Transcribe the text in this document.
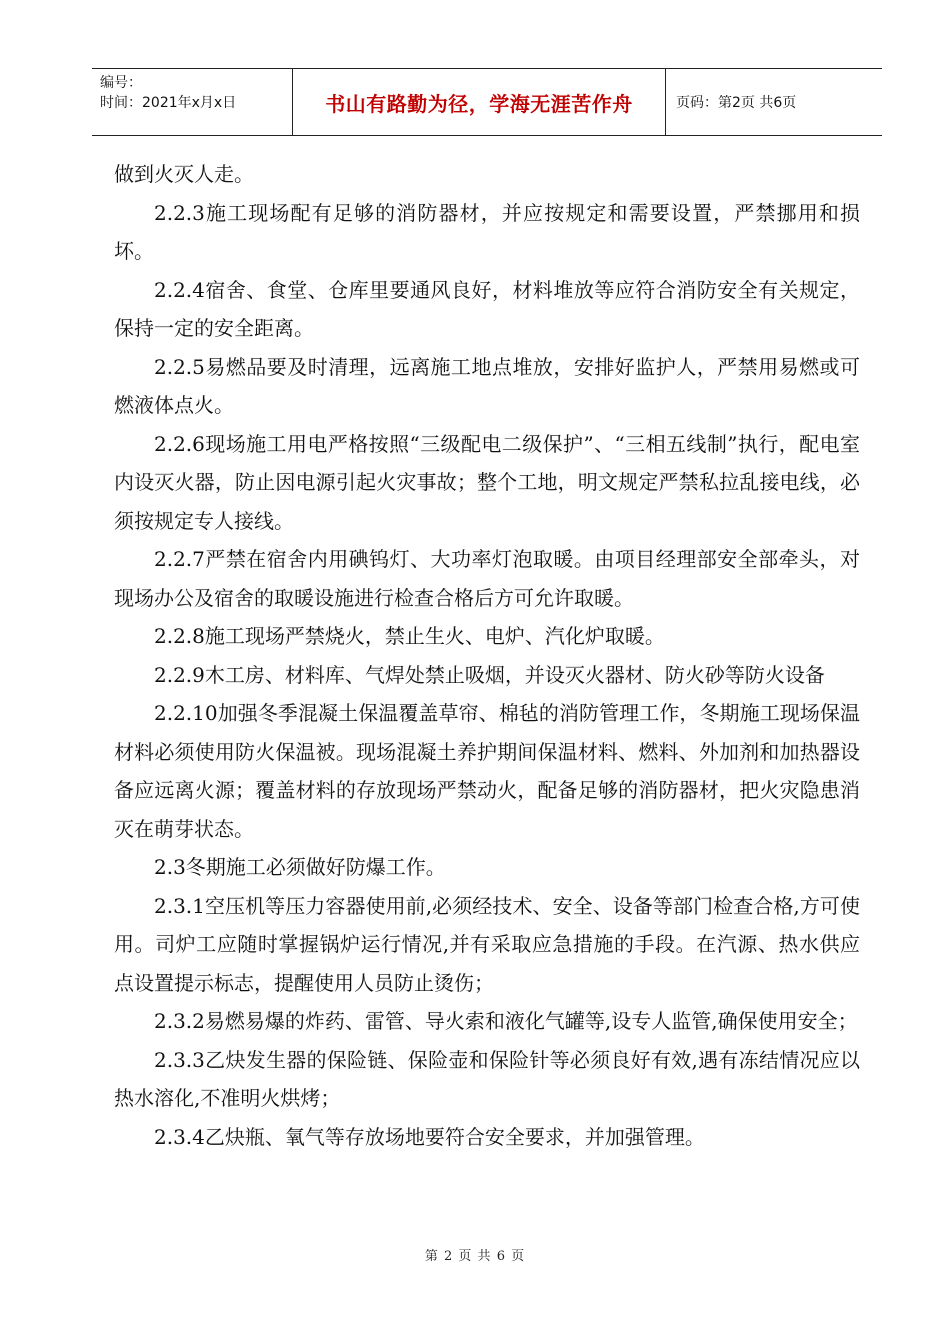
编号：
时间：2021年x月x日	书山有路勤为径，学海无涯苦作舟	页码：第2页 共6页

做到火灭人走。

2.2.3施工现场配有足够的消防器材，并应按规定和需要设置，严禁挪用和损坏。

2.2.4宿舍、食堂、仓库里要通风良好，材料堆放等应符合消防安全有关规定，保持一定的安全距离。

2.2.5易燃品要及时清理，远离施工地点堆放，安排好监护人，严禁用易燃或可燃液体点火。

2.2.6现场施工用电严格按照“三级配电二级保护”、“三相五线制”执行，配电室内设灭火器，防止因电源引起火灾事故；整个工地，明文规定严禁私拉乱接电线，必须按规定专人接线。

2.2.7严禁在宿舍内用碘钨灯、大功率灯泡取暖。由项目经理部安全部牵头，对现场办公及宿舍的取暖设施进行检查合格后方可允许取暖。

2.2.8施工现场严禁烧火，禁止生火、电炉、汽化炉取暖。

2.2.9木工房、材料库、气焊处禁止吸烟，并设灭火器材、防火砂等防火设备

2.2.10加强冬季混凝土保温覆盖草帘、棉毡的消防管理工作，冬期施工现场保温材料必须使用防火保温被。现场混凝土养护期间保温材料、燃料、外加剂和加热器设备应远离火源；覆盖材料的存放现场严禁动火，配备足够的消防器材，把火灾隐患消灭在萌芽状态。

2.3冬期施工必须做好防爆工作。

2.3.1空压机等压力容器使用前,必须经技术、安全、设备等部门检查合格,方可使用。司炉工应随时掌握锅炉运行情况,并有采取应急措施的手段。在汽源、热水供应点设置提示标志，提醒使用人员防止烫伤；

2.3.2易燃易爆的炸药、雷管、导火索和液化气罐等,设专人监管,确保使用安全；

2.3.3乙炔发生器的保险链、保险壶和保险针等必须良好有效,遇有冻结情况应以热水溶化,不准明火烘烤；

2.3.4乙炔瓶、氧气等存放场地要符合安全要求，并加强管理。

第 2 页 共 6 页
